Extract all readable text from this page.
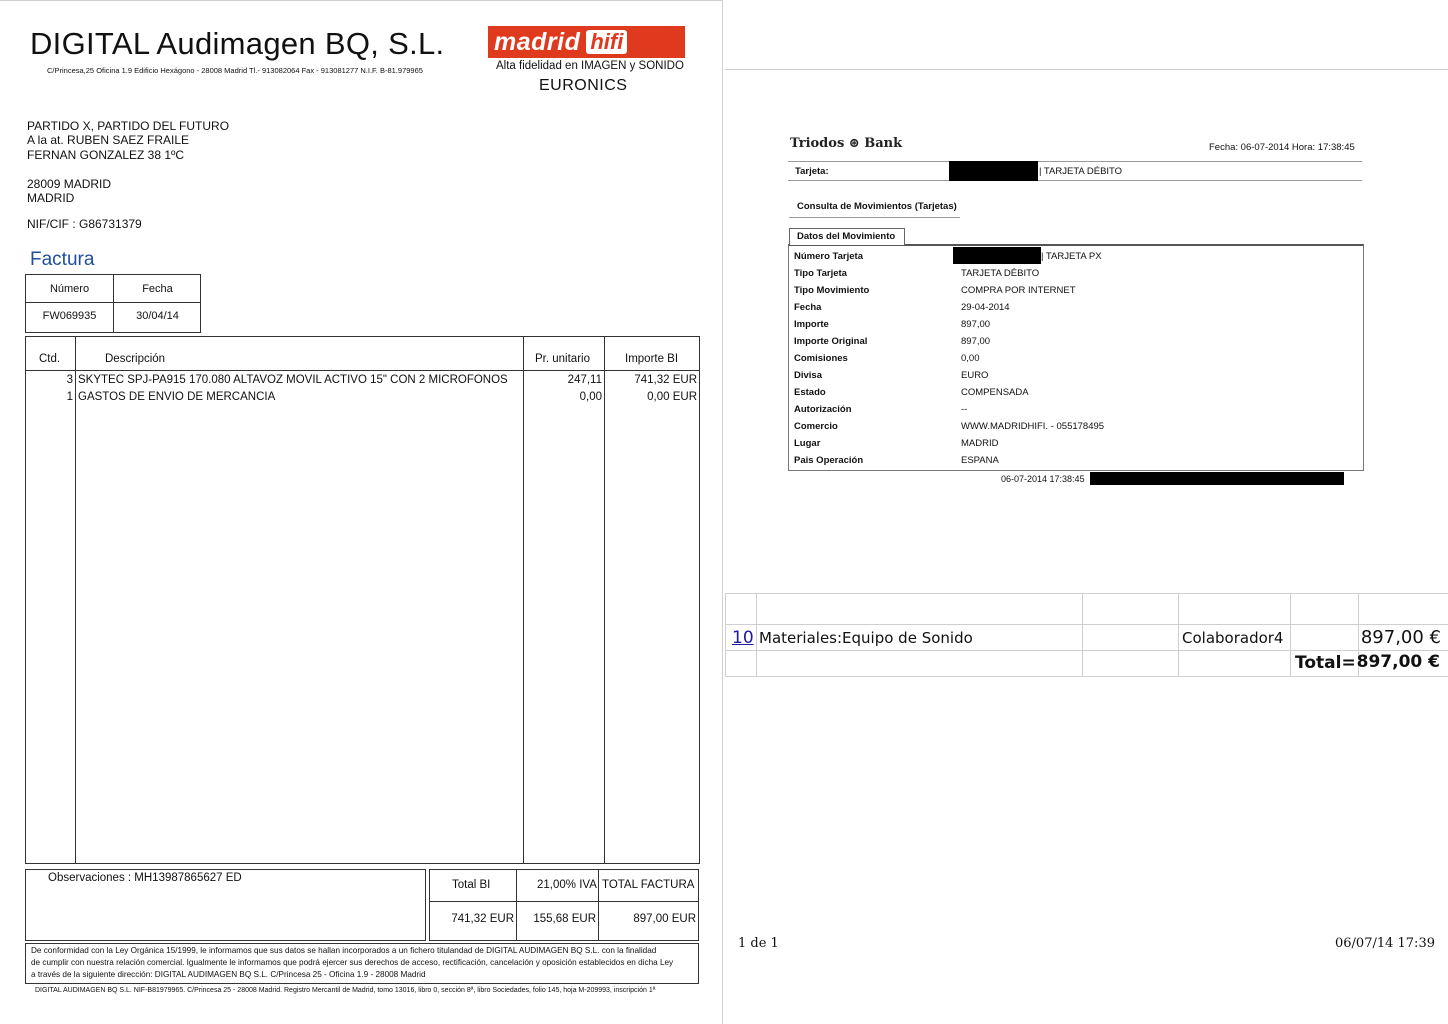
DIGITAL Audimagen BQ, S.L.
C/Princesa,25 Oficina 1.9 Edificio Hexágono - 28008 Madrid Tl.- 913082064 Fax - 913081277 N.I.F. B-81.979965
madrid hifi
Alta fidelidad en IMAGEN y SONIDO
EURONICS
PARTIDO X, PARTIDO DEL FUTURO
A la at. RUBEN SAEZ FRAILE
FERNAN GONZALEZ 38 1ºC
28009 MADRID
MADRID
NIF/CIF : G86731379
Factura
Número	Fecha
FW069935	30/04/14
Ctd.	Descripción	Pr. unitario	Importe BI
3 SKYTEC SPJ-PA915 170.080 ALTAVOZ MOVIL ACTIVO 15" CON 2 MICROFONOS	247,11	741,32 EUR
1 GASTOS DE ENVIO DE MERCANCIA	0,00	0,00 EUR
Observaciones : MH13987865627 ED
Total BI	21,00% IVA TOTAL FACTURA
741,32 EUR	155,68 EUR	897,00 EUR
De conformidad con la Ley Orgánica 15/1999, le informamos que sus datos se hallan incorporados a un fichero titulandad de DIGITAL AUDIMAGEN BQ S.L. con la finalidad
de cumplir con nuestra relación comercial. Igualmente le informamos que podrá ejercer sus derechos de acceso, rectificación, cancelación y oposición establecidos en dicha Ley
a través de la siguiente dirección: DIGITAL AUDIMAGEN BQ S.L. C/Princesa 25 - Oficina 1.9 - 28008 Madrid
DIGITAL AUDIMAGEN BQ S.L. NIF-B81979965. C/Princesa 25 - 28008 Madrid. Registro Mercantil de Madrid, tomo 13016, libro 0, sección 8ª, libro Sociedades, folio 145, hoja M-209993, inscripción 1ª
Triodos ⊛ Bank	Fecha: 06-07-2014 Hora: 17:38:45
Tarjeta:	| TARJETA DÉBITO
Consulta de Movimientos (Tarjetas)
Datos del Movimiento
Número Tarjeta	| TARJETA PX
Tipo Tarjeta	TARJETA DÉBITO
Tipo Movimiento	COMPRA POR INTERNET
Fecha	29-04-2014
Importe	897,00
Importe Original	897,00
Comisiones	0,00
Divisa	EURO
Estado	COMPENSADA
Autorización	--
Comercio	WWW.MADRIDHIFI. - 055178495
Lugar	MADRID
Pais Operación	ESPANA
06-07-2014 17:38:45
10 Materiales:Equipo de Sonido	Colaborador4	897,00 €
Total= 897,00 €
1 de 1	06/07/14 17:39
